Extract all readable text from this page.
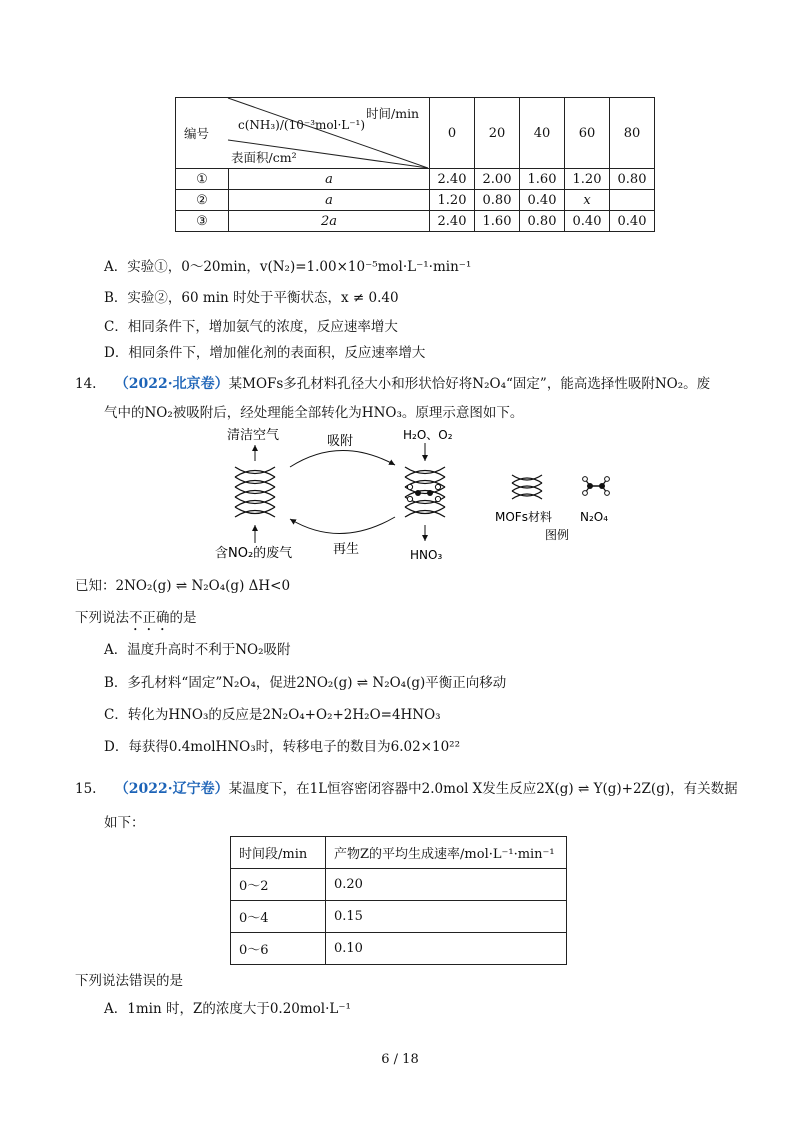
编号
时间/min
c(NH₃)/(10⁻³mol·L⁻¹)
表面积/cm²		0	20	40	60	80
①	a	2.40	2.00	1.60	1.20	0.80
②	a	1.20	0.80	0.40	x	
③	2a	2.40	1.60	0.80	0.40	0.40
A．实验①，0～20min，v(N₂)=1.00×10⁻⁵mol·L⁻¹·min⁻¹
B．实验②，60 min 时处于平衡状态，x ≠ 0.40
C．相同条件下，增加氨气的浓度，反应速率增大
D．相同条件下，增加催化剂的表面积，反应速率增大
14. （2022·北京卷）某MOFs多孔材料孔径大小和形状恰好将N₂O₄“固定”，能高选择性吸附NO₂。废
气中的NO₂被吸附后，经处理能全部转化为HNO₃。原理示意图如下。
清洁空气	吸附	H₂O、O₂
含NO₂的废气	再生	HNO₃
MOFs材料 N₂O₄
图例
已知：2NO₂(g) ⇌ N₂O₄(g) ΔH<0
下列说法不正确的是
A．温度升高时不利于NO₂吸附
B．多孔材料“固定”N₂O₄，促进2NO₂(g) ⇌ N₂O₄(g)平衡正向移动
C．转化为HNO₃的反应是2N₂O₄+O₂+2H₂O=4HNO₃
D．每获得0.4molHNO₃时，转移电子的数目为6.02×10²²
15. （2022·辽宁卷）某温度下，在1L恒容密闭容器中2.0mol X发生反应2X(g) ⇌ Y(g)+2Z(g)，有关数据
如下：
时间段/min	产物Z的平均生成速率/mol·L⁻¹·min⁻¹
0～2	0.20
0～4	0.15
0～6	0.10
下列说法错误的是
A．1min 时，Z的浓度大于0.20mol·L⁻¹
6 / 18
